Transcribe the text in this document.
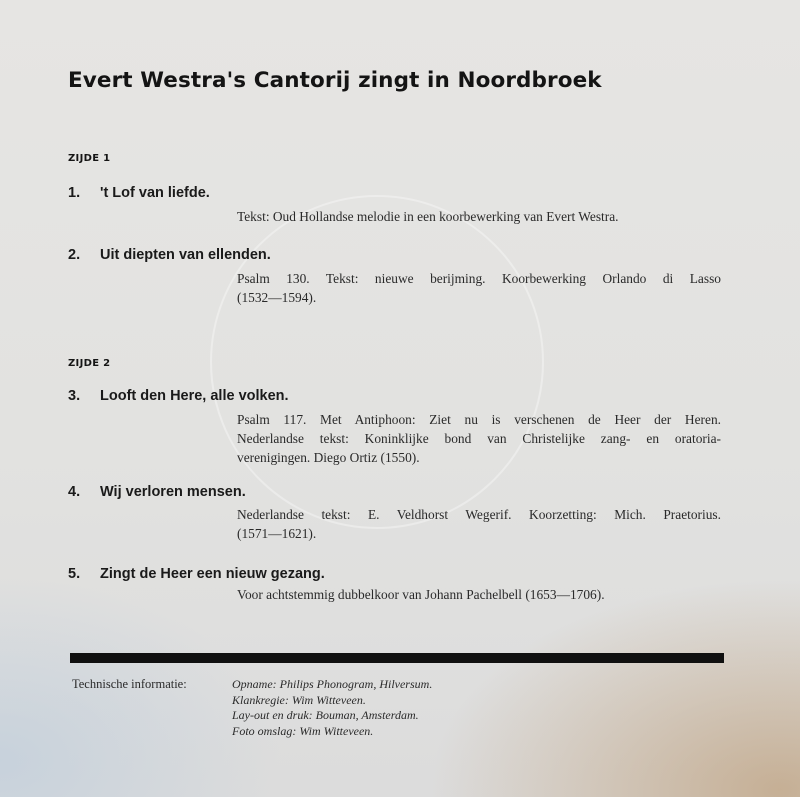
Evert Westra's Cantorij zingt in Noordbroek
ZIJDE 1
1. 't Lof van liefde.
Tekst: Oud Hollandse melodie in een koorbewerking van Evert Westra.
2. Uit diepten van ellenden.
Psalm 130. Tekst: nieuwe berijming. Koorbewerking Orlando di Lasso
(1532—1594).
ZIJDE 2
3. Looft den Here, alle volken.
Psalm 117. Met Antiphoon: Ziet nu is verschenen de Heer der Heren.
Nederlandse tekst: Koninklijke bond van Christelijke zang- en oratoria-
verenigingen. Diego Ortiz (1550).
4. Wij verloren mensen.
Nederlandse tekst: E. Veldhorst Wegerif. Koorzetting: Mich. Praetorius.
(1571—1621).
5. Zingt de Heer een nieuw gezang.
Voor achtstemmig dubbelkoor van Johann Pachelbell (1653—1706).
Technische informatie:	Opname: Philips Phonogram, Hilversum.
Klankregie: Wim Witteveen.
Lay-out en druk: Bouman, Amsterdam.
Foto omslag: Wim Witteveen.
